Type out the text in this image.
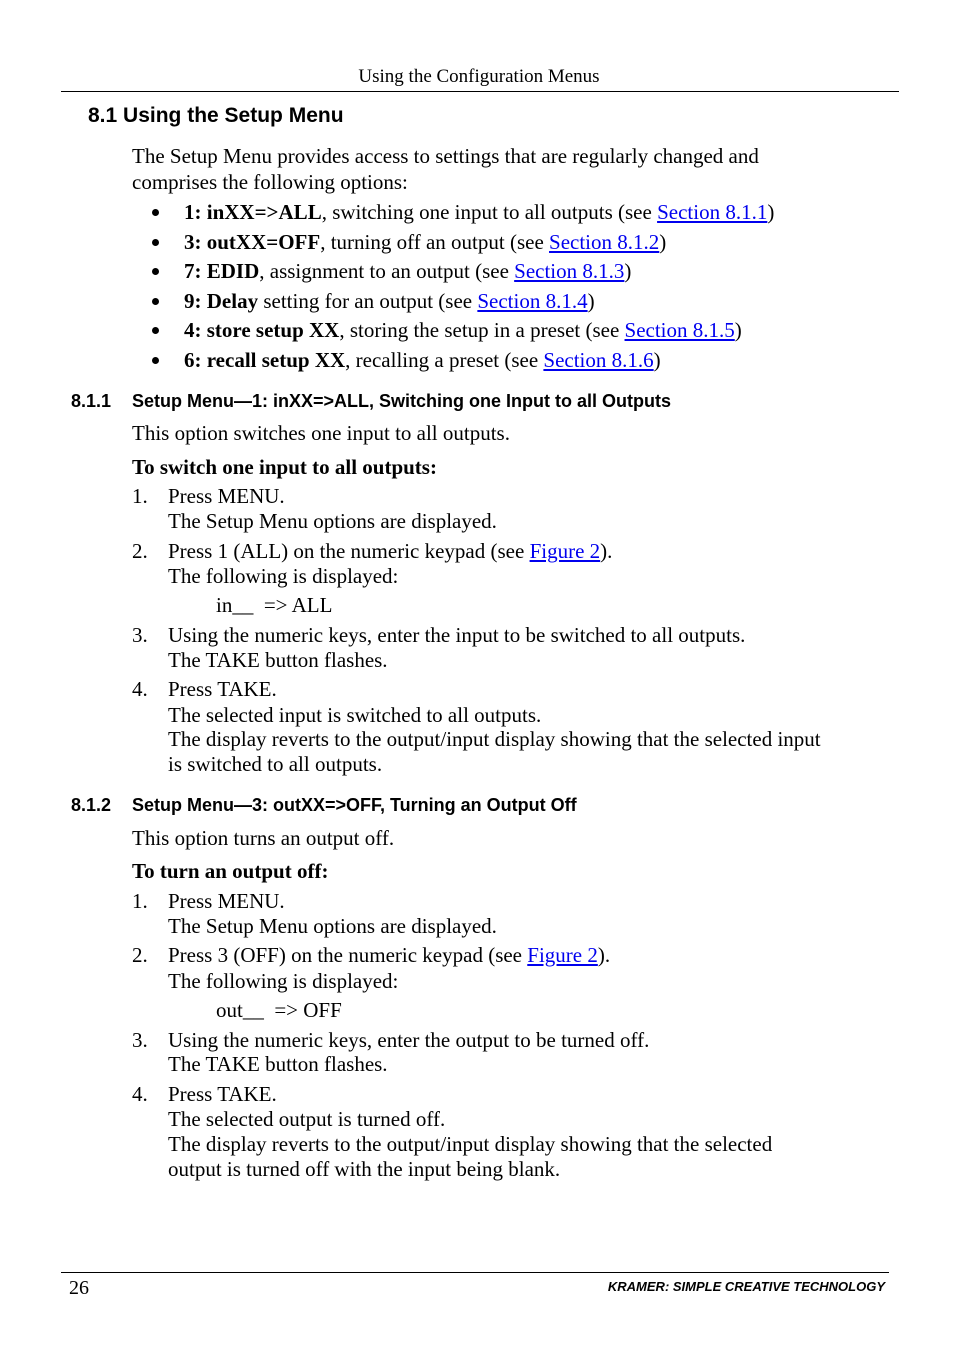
Using the Configuration Menus
8.1 Using the Setup Menu
The Setup Menu provides access to settings that are regularly changed and
comprises the following options:
1: inXX=>ALL, switching one input to all outputs (see Section 8.1.1)
3: outXX=OFF, turning off an output (see Section 8.1.2)
7: EDID, assignment to an output (see Section 8.1.3)
9: Delay setting for an output (see Section 8.1.4)
4: store setup XX, storing the setup in a preset (see Section 8.1.5)
6: recall setup XX, recalling a preset (see Section 8.1.6)
8.1.1 Setup Menu—1: inXX=>ALL, Switching one Input to all Outputs
This option switches one input to all outputs.
To switch one input to all outputs:
1. Press MENU.
The Setup Menu options are displayed.
2. Press 1 (ALL) on the numeric keypad (see Figure 2).
The following is displayed:
in__  => ALL
3. Using the numeric keys, enter the input to be switched to all outputs.
The TAKE button flashes.
4. Press TAKE.
The selected input is switched to all outputs.
The display reverts to the output/input display showing that the selected input
is switched to all outputs.
8.1.2 Setup Menu—3: outXX=>OFF, Turning an Output Off
This option turns an output off.
To turn an output off:
1. Press MENU.
The Setup Menu options are displayed.
2. Press 3 (OFF) on the numeric keypad (see Figure 2).
The following is displayed:
out__  => OFF
3. Using the numeric keys, enter the output to be turned off.
The TAKE button flashes.
4. Press TAKE.
The selected output is turned off.
The display reverts to the output/input display showing that the selected
output is turned off with the input being blank.
26	KRAMER: SIMPLE CREATIVE TECHNOLOGY
